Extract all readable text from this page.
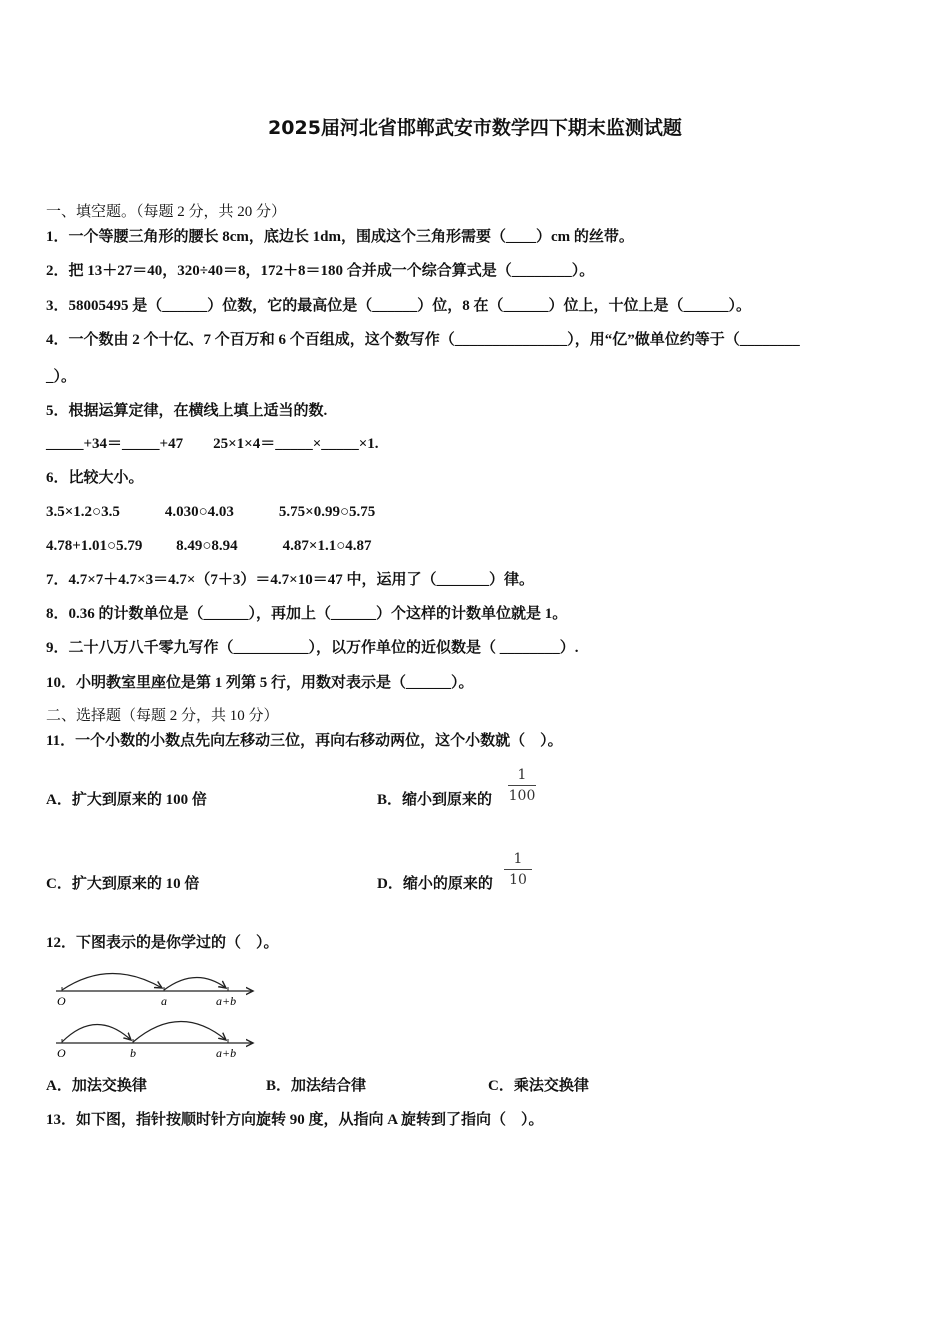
2025届河北省邯郸武安市数学四下期末监测试题
一、填空题。（每题 2 分，共 20 分）
1．一个等腰三角形的腰长 8cm，底边长 1dm，围成这个三角形需要（____）cm 的丝带。
2．把 13＋27＝40，320÷40＝8，172＋8＝180 合并成一个综合算式是（________）。
3．58005495 是（______）位数，它的最高位是（______）位，8 在（______）位上，十位上是（______）。
4．一个数由 2 个十亿、7 个百万和 6 个百组成，这个数写作（_______________），用“亿”做单位约等于（________
_）。
5．根据运算定律，在横线上填上适当的数.
_____+34＝_____+47　　25×1×4＝_____×_____×1.
6．比较大小。
3.5×1.2○3.5　　　4.030○4.03　　　5.75×0.99○5.75
4.78+1.01○5.79　　 8.49○8.94　　　4.87×1.1○4.87
7．4.7×7＋4.7×3＝4.7×（7＋3）＝4.7×10＝47 中，运用了（_______）律。
8．0.36 的计数单位是（______），再加上（______）个这样的计数单位就是 1。
9．二十八万八千零九写作（__________），以万作单位的近似数是（ ________）.
10．小明教室里座位是第 1 列第 5 行，用数对表示是（______）。
二、选择题（每题 2 分，共 10 分）
11．一个小数的小数点先向左移动三位，再向右移动两位，这个小数就（　）。
A．扩大到原来的 100 倍	B．缩小到原来的
1
100
C．扩大到原来的 10 倍	D．缩小的原来的
1
10
12．下图表示的是你学过的（　）。
O	a	a+b
O	b	a+b
A．加法交换律	B．加法结合律	C．乘法交换律
13．如下图，指针按顺时针方向旋转 90 度，从指向 A 旋转到了指向（　）。
